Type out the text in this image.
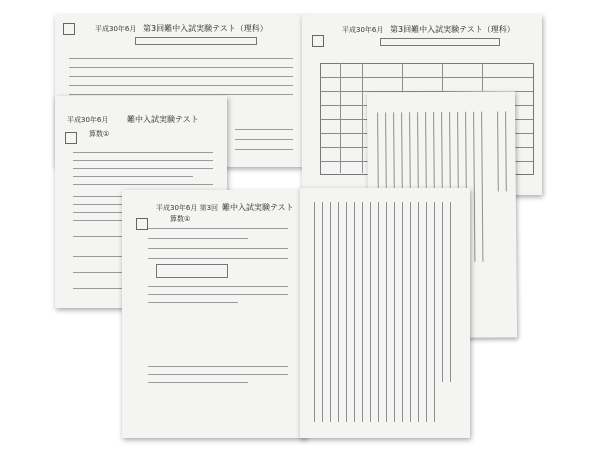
平成30年6月 第3回難中入試実験テスト（理科）	平成30年6月 第3回難中入試実験テスト（理科）
平成30年6月 難中入試実験テスト
算数①
平成30年6月 第3回 難中入試実験テスト
算数①
